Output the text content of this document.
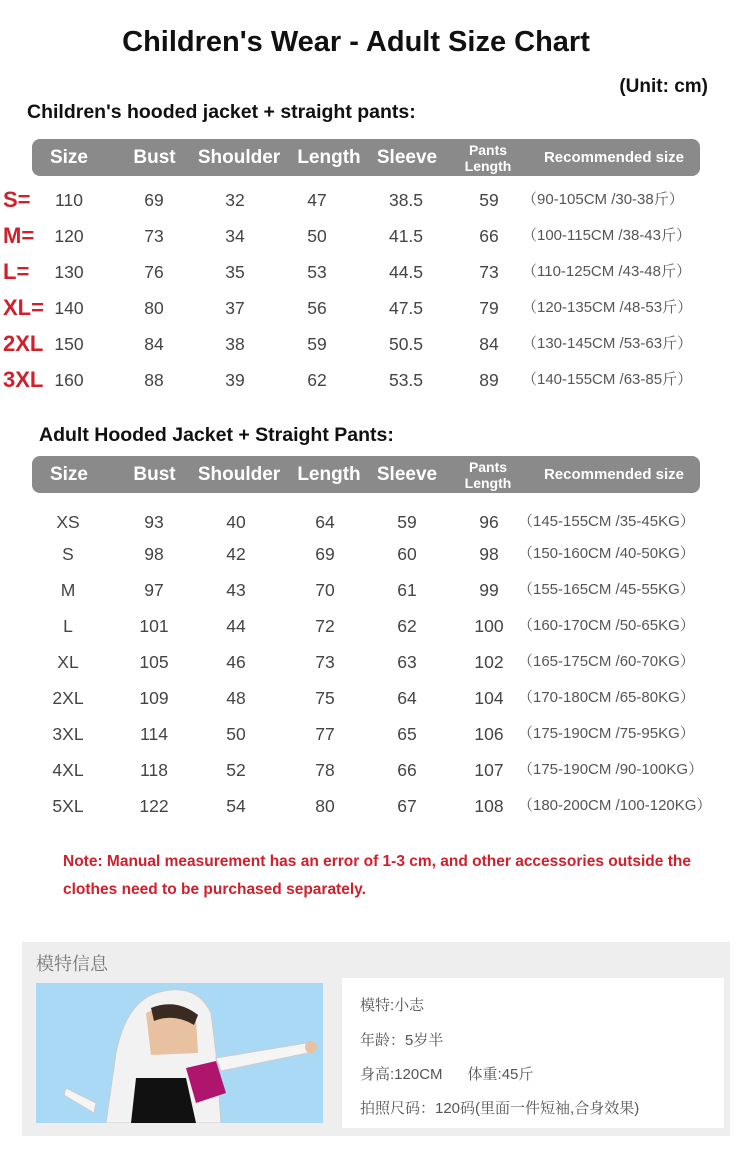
Children's Wear - Adult Size Chart
(Unit: cm)
Children's hooded jacket + straight pants:
Size	Bust	Shoulder Length Sleeve	Pants Length	Recommended size
S=	110	69	32	47	38.5	59	（90-105CM /30-38斤）
M=	120	73	34	50	41.5	66	（100-115CM /38-43斤）
L=	130	76	35	53	44.5	73	（110-125CM /43-48斤）
XL= 140	80	37	56	47.5	79	（120-135CM /48-53斤）
2XL 150	84	38	59	50.5	84	（130-145CM /53-63斤）
3XL 160	88	39	62	53.5	89	（140-155CM /63-85斤）
Adult Hooded Jacket + Straight Pants:
Size	Bust	Shoulder Length Sleeve	Pants Length	Recommended size
XS	93	40	64	59	96	（145-155CM /35-45KG）
S	98	42	69	60	98	（150-160CM /40-50KG）
M	97	43	70	61	99	（155-165CM /45-55KG）
L	101	44	72	62	100 （160-170CM /50-65KG）
XL	105	46	73	63	102 （165-175CM /60-70KG）
2XL	109	48	75	64	104 （170-180CM /65-80KG）
3XL	114	50	77	65	106 （175-190CM /75-95KG）
4XL	118	52	78	66	107 （175-190CM /90-100KG）
5XL	122	54	80	67	108 （180-200CM /100-120KG）
Note: Manual measurement has an error of 1-3 cm, and other accessories outside the clothes need to be purchased separately.
模特信息
模特:小志
年龄：5岁半
身高:120CM      体重:45斤
拍照尺码：120码(里面一件短袖,合身效果)
